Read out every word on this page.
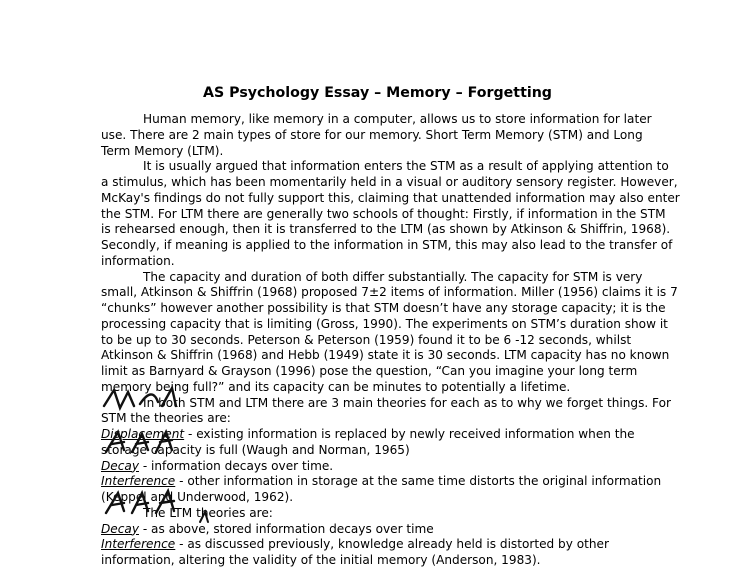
AS Psychology Essay – Memory – Forgetting
Human memory, like memory in a computer, allows us to store information for later
use. There are 2 main types of store for our memory. Short Term Memory (STM) and Long
Term Memory (LTM).
It is usually argued that information enters the STM as a result of applying attention to
a stimulus, which has been momentarily held in a visual or auditory sensory register. However,
McKay's findings do not fully support this, claiming that unattended information may also enter
the STM. For LTM there are generally two schools of thought: Firstly, if information in the STM
is rehearsed enough, then it is transferred to the LTM (as shown by Atkinson & Shiffrin, 1968).
Secondly, if meaning is applied to the information in STM, this may also lead to the transfer of
information.
The capacity and duration of both differ substantially. The capacity for STM is very
small, Atkinson & Shiffrin (1968) proposed 7±2 items of information. Miller (1956) claims it is 7
“chunks” however another possibility is that STM doesn’t have any storage capacity; it is the
processing capacity that is limiting (Gross, 1990). The experiments on STM’s duration show it
to be up to 30 seconds. Peterson & Peterson (1959) found it to be 6 -12 seconds, whilst
Atkinson & Shiffrin (1968) and Hebb (1949) state it is 30 seconds. LTM capacity has no known
limit as Barnyard & Grayson (1996) pose the question, “Can you imagine your long term
memory being full?” and its capacity can be minutes to potentially a lifetime.
In both STM and LTM there are 3 main theories for each as to why we forget things. For
STM the theories are:
Displacement - existing information is replaced by newly received information when the
storage capacity is full (Waugh and Norman, 1965)
Decay - information decays over time.
Interference - other information in storage at the same time distorts the original information
(Keppel and Underwood, 1962).
The LTM theories are:
Decay - as above, stored information decays over time
Interference - as discussed previously, knowledge already held is distorted by other
information, altering the validity of the initial memory (Anderson, 1983).
